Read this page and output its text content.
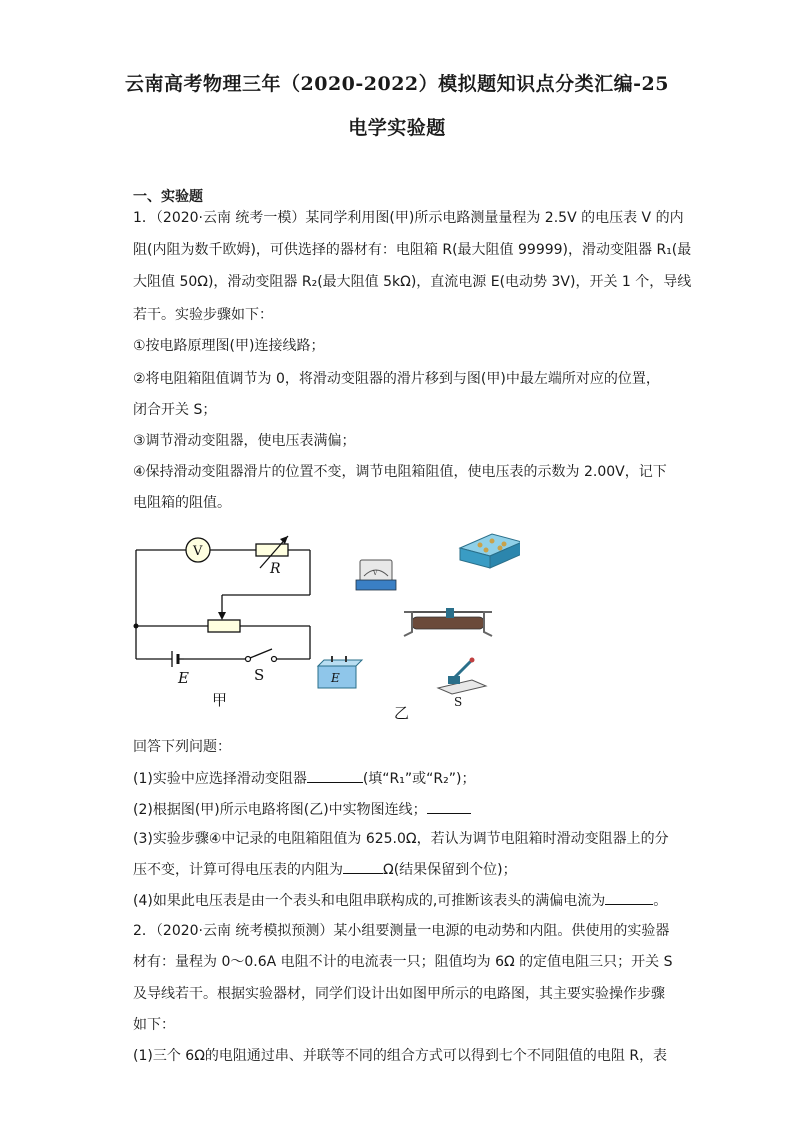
云南高考物理三年（2020-2022）模拟题知识点分类汇编-25
电学实验题
一、实验题
1．（2020·云南 统考一模）某同学利用图(甲)所示电路测量量程为 2.5V 的电压表 V 的内
阻(内阻为数千欧姆)，可供选择的器材有：电阻箱 R(最大阻值 99999)，滑动变阻器 R₁(最
大阻值 50Ω)，滑动变阻器 R₂(最大阻值 5kΩ)，直流电源 E(电动势 3V)，开关 1 个，导线
若干。实验步骤如下：
①按电路原理图(甲)连接线路；
②将电阻箱阻值调节为 0，将滑动变阻器的滑片移到与图(甲)中最左端所对应的位置，
闭合开关 S；
③调节滑动变阻器，使电压表满偏；
④保持滑动变阻器滑片的位置不变，调节电阻箱阻值，使电压表的示数为 2.00V，记下
电阻箱的阻值。
V
R
E	S
甲
V
E
S
乙
回答下列问题：
(1)实验中应选择滑动变阻器	(填“R₁”或“R₂”)；
(2)根据图(甲)所示电路将图(乙)中实物图连线；
(3)实验步骤④中记录的电阻箱阻值为 625.0Ω，若认为调节电阻箱时滑动变阻器上的分
压不变，计算可得电压表的内阻为	Ω(结果保留到个位)；
(4)如果此电压表是由一个表头和电阻串联构成的,可推断该表头的满偏电流为	。
2．（2020·云南 统考模拟预测）某小组要测量一电源的电动势和内阻。供使用的实验器
材有：量程为 0～0.6A 电阻不计的电流表一只；阻值均为 6Ω 的定值电阻三只；开关 S
及导线若干。根据实验器材，同学们设计出如图甲所示的电路图，其主要实验操作步骤
如下：
(1)三个 6Ω的电阻通过串、并联等不同的组合方式可以得到七个不同阻值的电阻 R，表
